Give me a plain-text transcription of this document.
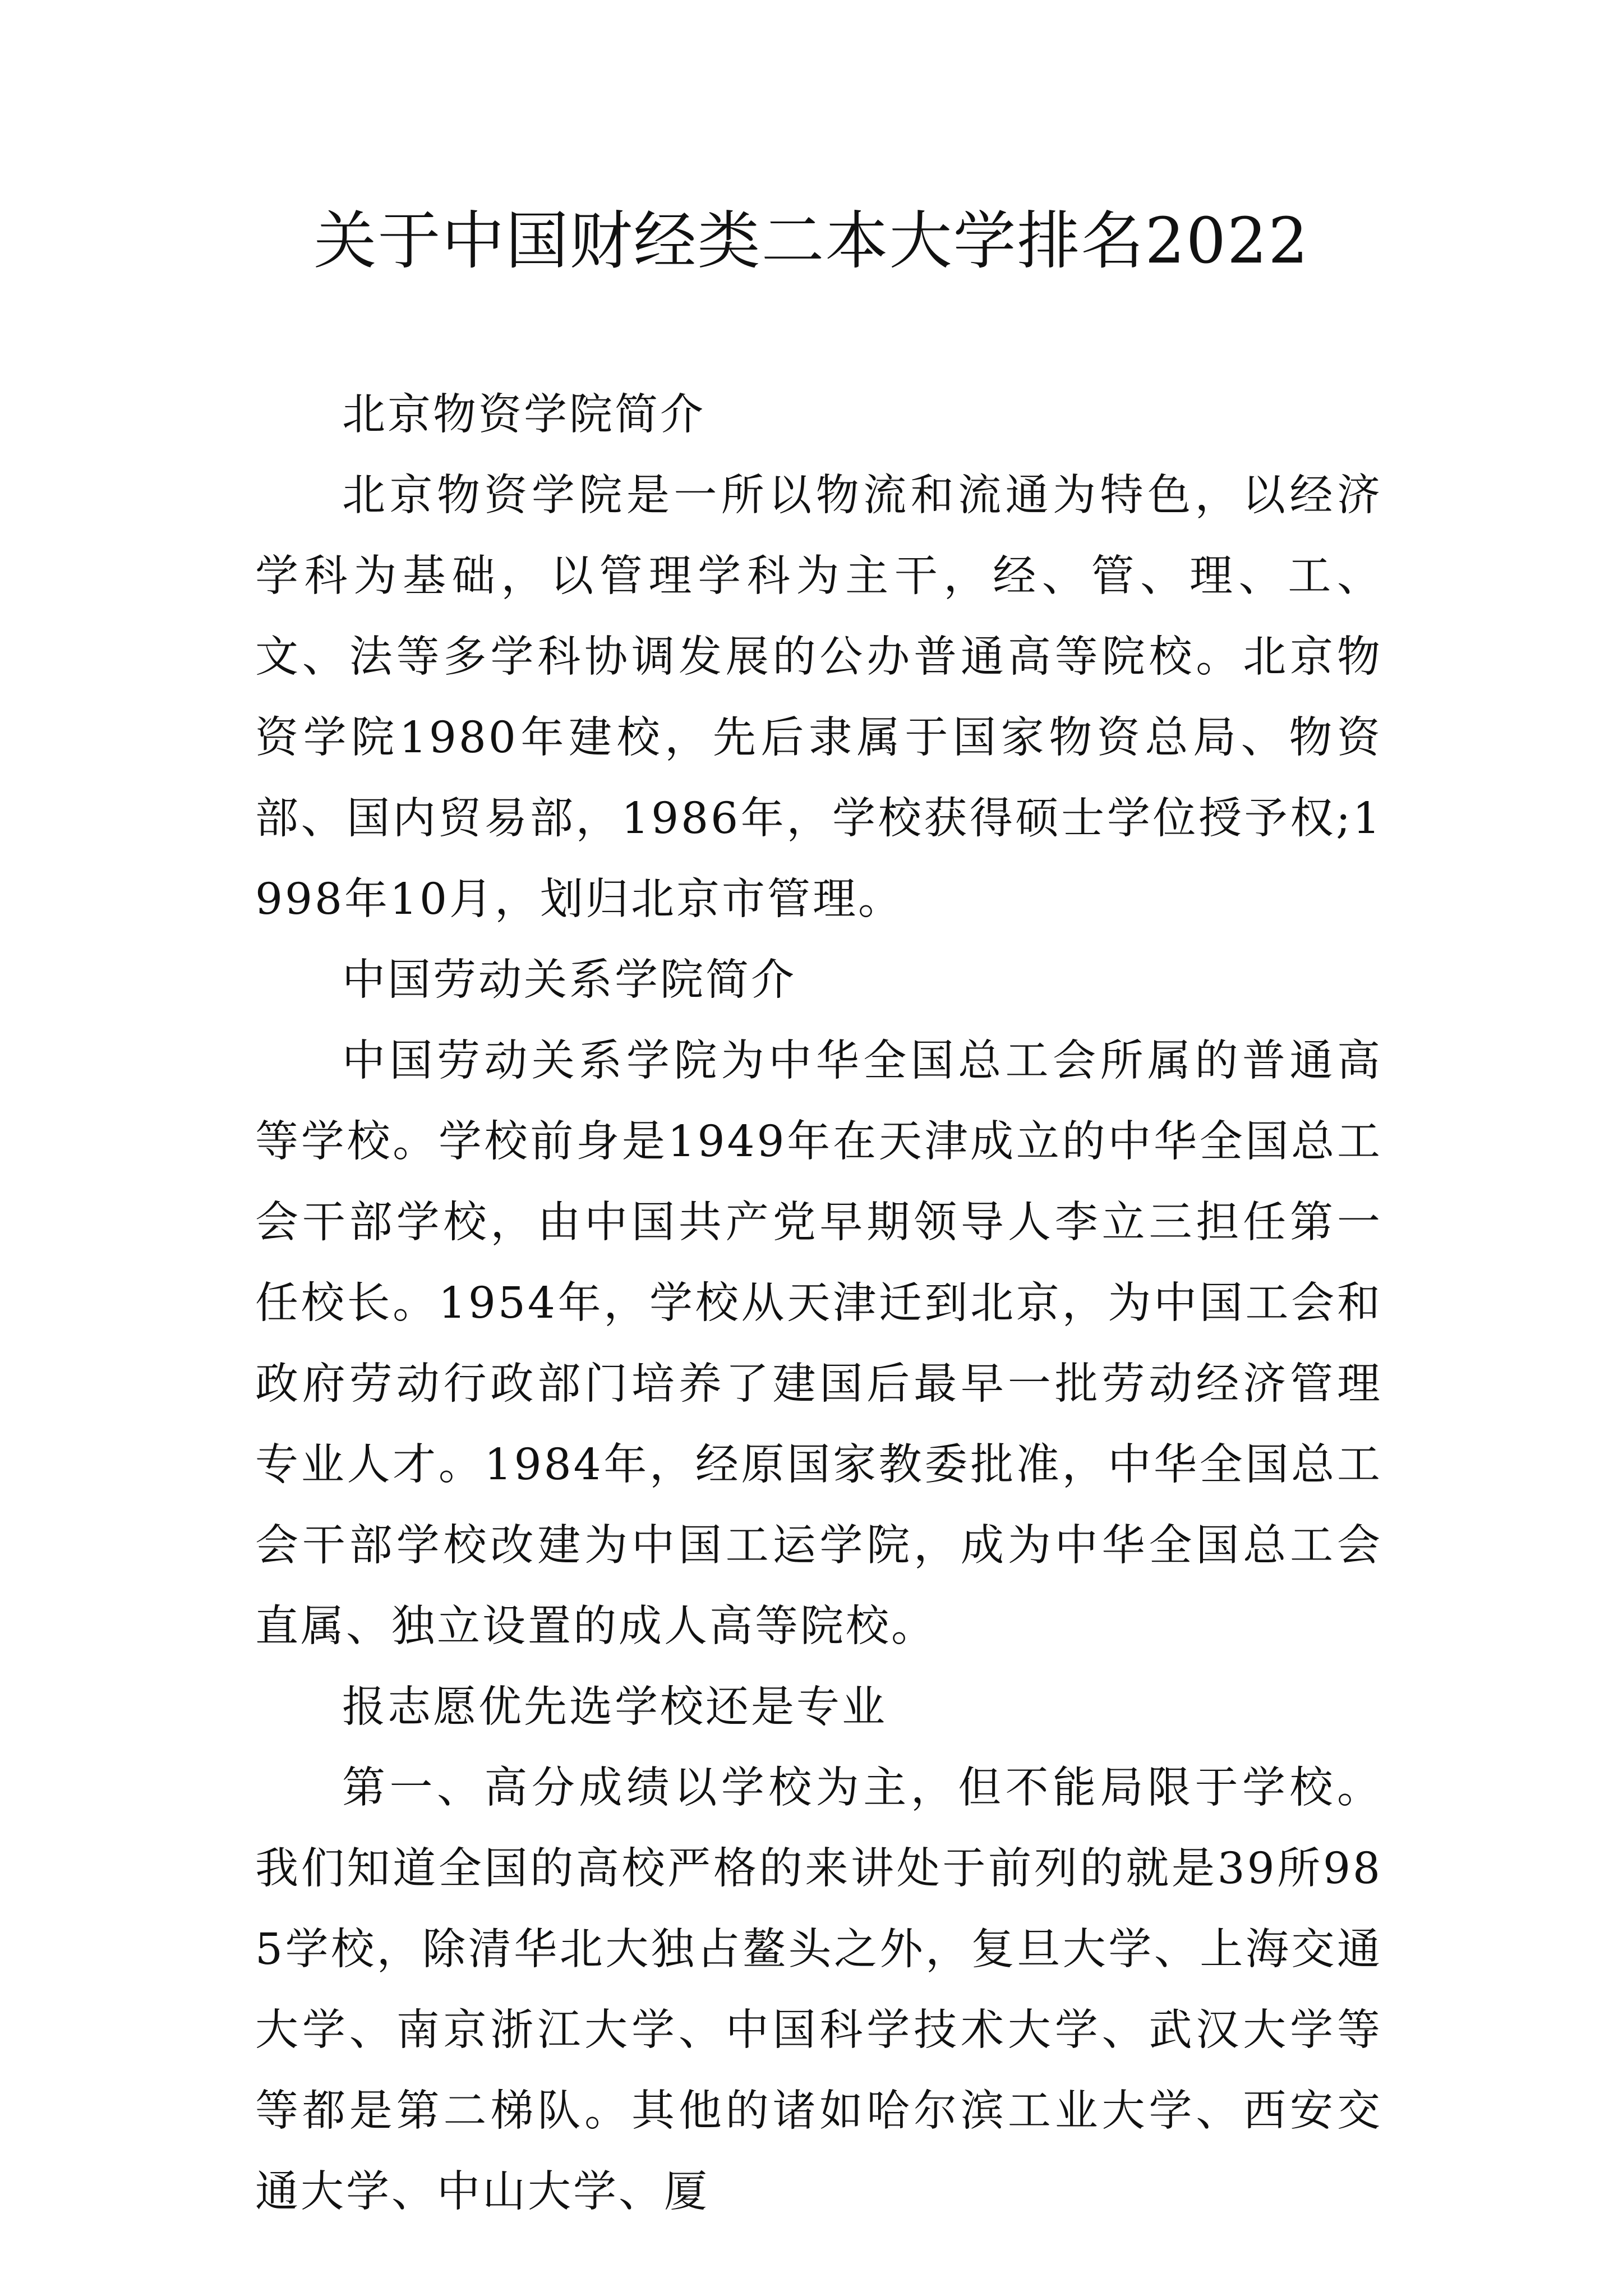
关于中国财经类二本大学排名2022

北京物资学院简介

北京物资学院是一所以物流和流通为特色，以经济学科为基础，以管理学科为主干，经、管、理、工、文、法等多学科协调发展的公办普通高等院校。北京物资学院1980年建校，先后隶属于国家物资总局、物资部、国内贸易部，1986年，学校获得硕士学位授予权;1998年10月，划归北京市管理。

中国劳动关系学院简介

中国劳动关系学院为中华全国总工会所属的普通高等学校。学校前身是1949年在天津成立的中华全国总工会干部学校，由中国共产党早期领导人李立三担任第一任校长。1954年，学校从天津迁到北京，为中国工会和政府劳动行政部门培养了建国后最早一批劳动经济管理专业人才。1984年，经原国家教委批准，中华全国总工会干部学校改建为中国工运学院，成为中华全国总工会直属、独立设置的成人高等院校。

报志愿优先选学校还是专业

第一、高分成绩以学校为主，但不能局限于学校。我们知道全国的高校严格的来讲处于前列的就是39所985学校，除清华北大独占鳌头之外，复旦大学、上海交通大学、南京浙江大学、中国科学技术大学、武汉大学等等都是第二梯队。其他的诸如哈尔滨工业大学、西安交通大学、中山大学、厦
